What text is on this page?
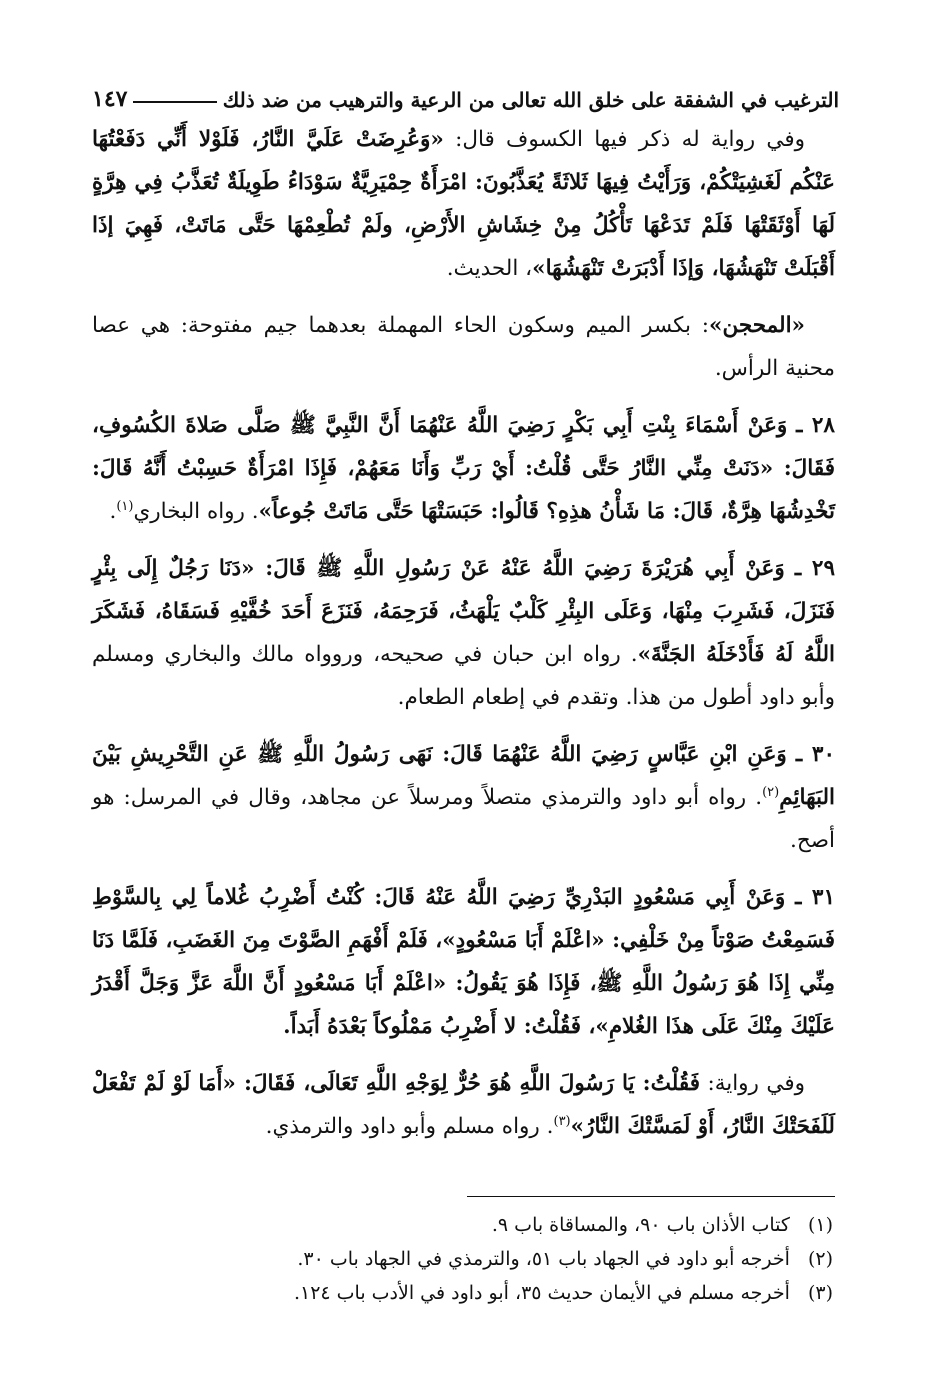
الترغيب في الشفقة على خلق الله تعالى من الرعية والترهيب من ضد ذلك
١٤٧

وفي رواية له ذكر فيها الكسوف قال: «وَعُرِضَتْ عَلَيَّ النَّارُ، فَلَوْلا أَنِّي دَفَعْتُهَا عَنْكُم لَغَشِيَتْكُمْ، وَرَأَيْتُ فِيهَا ثَلاثَةً يُعَذَّبُونَ: امْرَأَةٌ حِمْيَرِيَّةٌ سَوْدَاءُ طَوِيلَةٌ تُعَذَّبُ فِي هِرَّةٍ لَهَا أَوْثَقَتْهَا فَلَمْ تَدَعْهَا تَأْكُلُ مِنْ خِشَاشِ الأَرْضِ، ولَمْ تُطْعِمْهَا حَتَّى مَاتَتْ، فَهِيَ إذَا أَقْبَلَتْ تَنْهَشُهَا، وَإذَا أَدْبَرَتْ تَنْهَشُهَا»، الحديث.

«المحجن»: بكسر الميم وسكون الحاء المهملة بعدهما جيم مفتوحة: هي عصا محنية الرأس.

٢٨ ـ وَعَنْ أَسْمَاءَ بِنْتِ أَبِي بَكْرٍ رَضِيَ اللَّهُ عَنْهُمَا أَنَّ النَّبِيَّ ﷺ صَلَّى صَلاةَ الكُسُوفِ، فَقَالَ: «دَنَتْ مِنِّي النَّارُ حَتَّى قُلْتُ: أَيْ رَبِّ وَأَنَا مَعَهُمْ، فَإِذَا امْرَأَةٌ حَسِبْتُ أَنَّهُ قَالَ: تَخْدِشُهَا هِرَّةٌ، قَالَ: مَا شَأْنُ هذِهِ؟ قَالُوا: حَبَسَتْهَا حَتَّى مَاتَتْ جُوعاً». رواه البخاري$^{(١)}$.

٢٩ ـ وَعَنْ أَبِي هُرَيْرَةَ رَضِيَ اللَّهُ عَنْهُ عَنْ رَسُولِ اللَّهِ ﷺ قَالَ: «دَنَا رَجُلٌ إِلَى بِئْرٍ فَنَزَلَ، فَشَرِبَ مِنْهَا، وَعَلَى البِئْرِ كَلْبٌ يَلْهَثُ، فَرَحِمَهُ، فَنَزَعَ أَحَدَ خُفَّيْهِ فَسَقَاهُ، فَشَكَرَ اللَّهُ لَهُ فَأَدْخَلَهُ الجَنَّةَ». رواه ابن حبان في صحيحه، وروواه مالك والبخاري ومسلم وأبو داود أطول من هذا. وتقدم في إطعام الطعام.

٣٠ ـ وَعَنِ ابْنِ عَبَّاسٍ رَضِيَ اللَّهُ عَنْهُمَا قَالَ: نَهَى رَسُولُ اللَّهِ ﷺ عَنِ التَّحْرِيشِ بَيْنَ البَهَائِمِ$^{(٢)}$. رواه أبو داود والترمذي متصلاً ومرسلاً عن مجاهد، وقال في المرسل: هو أصح.

٣١ ـ وَعَنْ أَبِي مَسْعُودٍ البَدْرِيِّ رَضِيَ اللَّهُ عَنْهُ قَالَ: كُنْتُ أَضْرِبُ غُلاماً لِي بِالسَّوْطِ فَسَمِعْتُ صَوْتاً مِنْ خَلْفِي: «اعْلَمْ أَبَا مَسْعُودٍ»، فَلَمْ أَفْهَمِ الصَّوْتَ مِنَ الغَضَبِ، فَلَمَّا دَنَا مِنِّي إِذَا هُوَ رَسُولُ اللَّهِ ﷺ، فَإِذَا هُوَ يَقُولُ: «اعْلَمْ أَبَا مَسْعُودٍ أَنَّ اللَّهَ عَزَّ وَجَلَّ أَقْدَرُ عَلَيْكَ مِنْكَ عَلَى هذَا الغُلامِ»، فَقُلْتُ: لا أَضْرِبُ مَمْلُوكاً بَعْدَهُ أَبَداً.

وفي رواية: فَقُلْتُ: يَا رَسُولَ اللَّهِ هُوَ حُرٌّ لِوَجْهِ اللَّهِ تَعَالَى، فَقَالَ: «أَمَا لَوْ لَمْ تَفْعَلْ لَلَفَحَتْكَ النَّارُ، أَوْ لَمَسَّتْكَ النَّارُ»$^{(٣)}$. رواه مسلم وأبو داود والترمذي.

(١)
كتاب الأذان باب ٩٠، والمساقاة باب ٩.
(٢)
أخرجه أبو داود في الجهاد باب ٥١، والترمذي في الجهاد باب ٣٠.
(٣)
أخرجه مسلم في الأيمان حديث ٣٥، أبو داود في الأدب باب ١٢٤.
